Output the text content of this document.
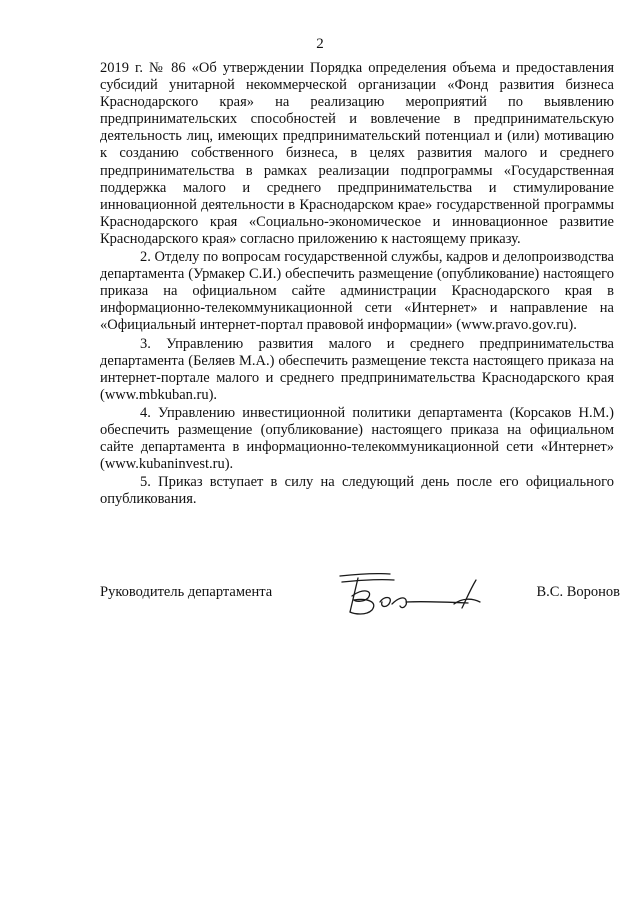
2

2019 г. № 86 «Об утверждении Порядка определения объема и предоставления субсидий унитарной некоммерческой организации «Фонд развития бизнеса Краснодарского края» на реализацию мероприятий по выявлению предпринимательских способностей и вовлечение в предпринимательскую деятельность лиц, имеющих предпринимательский потенциал и (или) мотивацию к созданию собственного бизнеса, в целях развития малого и среднего предпринимательства в рамках реализации подпрограммы «Государственная поддержка малого и среднего предпринимательства и стимулирование инновационной деятельности в Краснодарском крае» государственной программы Краснодарского края «Социально-экономическое и инновационное развитие Краснодарского края» согласно приложению к настоящему приказу.

2. Отделу по вопросам государственной службы, кадров и делопроизводства департамента (Урмакер С.И.) обеспечить размещение (опубликование) настоящего приказа на официальном сайте администрации Краснодарского края в информационно-телекоммуникационной сети «Интернет» и направление на «Официальный интернет-портал правовой информации» (www.pravo.gov.ru).

3. Управлению развития малого и среднего предпринимательства департамента (Беляев М.А.) обеспечить размещение текста настоящего приказа на интернет-портале малого и среднего предпринимательства Краснодарского края (www.mbkuban.ru).

4. Управлению инвестиционной политики департамента (Корсаков Н.М.) обеспечить размещение (опубликование) настоящего приказа на официальном сайте департамента в информационно-телекоммуникационной сети «Интернет» (www.kubaninvest.ru).

5. Приказ вступает в силу на следующий день после его официального опубликования.

Руководитель департамента	В.С. Воронов
